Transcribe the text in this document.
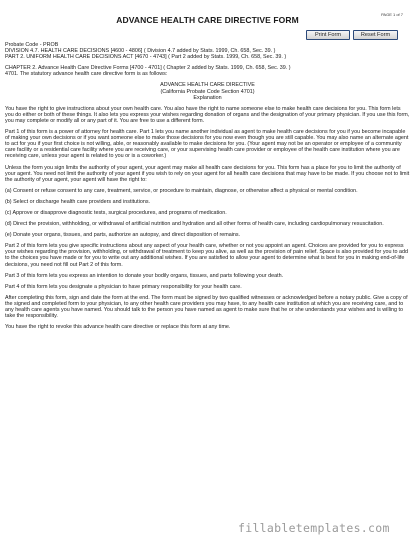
PAGE 1 of 7
ADVANCE HEALTH CARE DIRECTIVE FORM
Print Form	Reset Form

Probate Code - PROB
DIVISION 4.7. HEALTH CARE DECISIONS [4600 - 4806] ( Division 4.7 added by Stats. 1999, Ch. 658, Sec. 39. )
PART 2. UNIFORM HEALTH CARE DECISIONS ACT [4670 - 4743] ( Part 2 added by Stats. 1999, Ch. 658, Sec. 39. )

CHAPTER 2. Advance Health Care Directive Forms [4700 - 4701] ( Chapter 2 added by Stats. 1999, Ch. 658, Sec. 39. )
4701. The statutory advance health care directive form is as follows:

ADVANCE HEALTH CARE DIRECTIVE
(California Probate Code Section 4701)
Explanation

You have the right to give instructions about your own health care. You also have the right to name someone else to make health care decisions for you. This form lets you do either or both of these things. It also lets you express your wishes regarding donation of organs and the designation of your primary physician. If you use this form, you may complete or modify all or any part of it. You are free to use a different form.

Part 1 of this form is a power of attorney for health care. Part 1 lets you name another individual as agent to make health care decisions for you if you become incapable of making your own decisions or if you want someone else to make those decisions for you now even though you are still capable. You may also name an alternate agent to act for you if your first choice is not willing, able, or reasonably available to make decisions for you. (Your agent may not be an operator or employee of a community care facility or a residential care facility where you are receiving care, or your supervising health care provider or employee of the health care institution where you are receiving care, unless your agent is related to you or is a coworker.)

Unless the form you sign limits the authority of your agent, your agent may make all health care decisions for you. This form has a place for you to limit the authority of your agent. You need not limit the authority of your agent if you wish to rely on your agent for all health care decisions that may have to be made. If you choose not to limit the authority of your agent, your agent will have the right to:

(a) Consent or refuse consent to any care, treatment, service, or procedure to maintain, diagnose, or otherwise affect a physical or mental condition.

(b) Select or discharge health care providers and institutions.

(c) Approve or disapprove diagnostic tests, surgical procedures, and programs of medication.

(d) Direct the provision, withholding, or withdrawal of artificial nutrition and hydration and all other forms of health care, including cardiopulmonary resuscitation.

(e) Donate your organs, tissues, and parts, authorize an autopsy, and direct disposition of remains.

Part 2 of this form lets you give specific instructions about any aspect of your health care, whether or not you appoint an agent. Choices are provided for you to express your wishes regarding the provision, withholding, or withdrawal of treatment to keep you alive, as well as the provision of pain relief. Space is also provided for you to add to the choices you have made or for you to write out any additional wishes. If you are satisfied to allow your agent to determine what is best for you in making end-of-life decisions, you need not fill out Part 2 of this form.

Part 3 of this form lets you express an intention to donate your bodily organs, tissues, and parts following your death.

Part 4 of this form lets you designate a physician to have primary responsibility for your health care.

After completing this form, sign and date the form at the end. The form must be signed by two qualified witnesses or acknowledged before a notary public. Give a copy of the signed and completed form to your physician, to any other health care providers you may have, to any health care institution at which you are receiving care, and to any health care agents you have named. You should talk to the person you have named as agent to make sure that he or she understands your wishes and is willing to take the responsibility.

You have the right to revoke this advance health care directive or replace this form at any time.

fillabletemplates.com
